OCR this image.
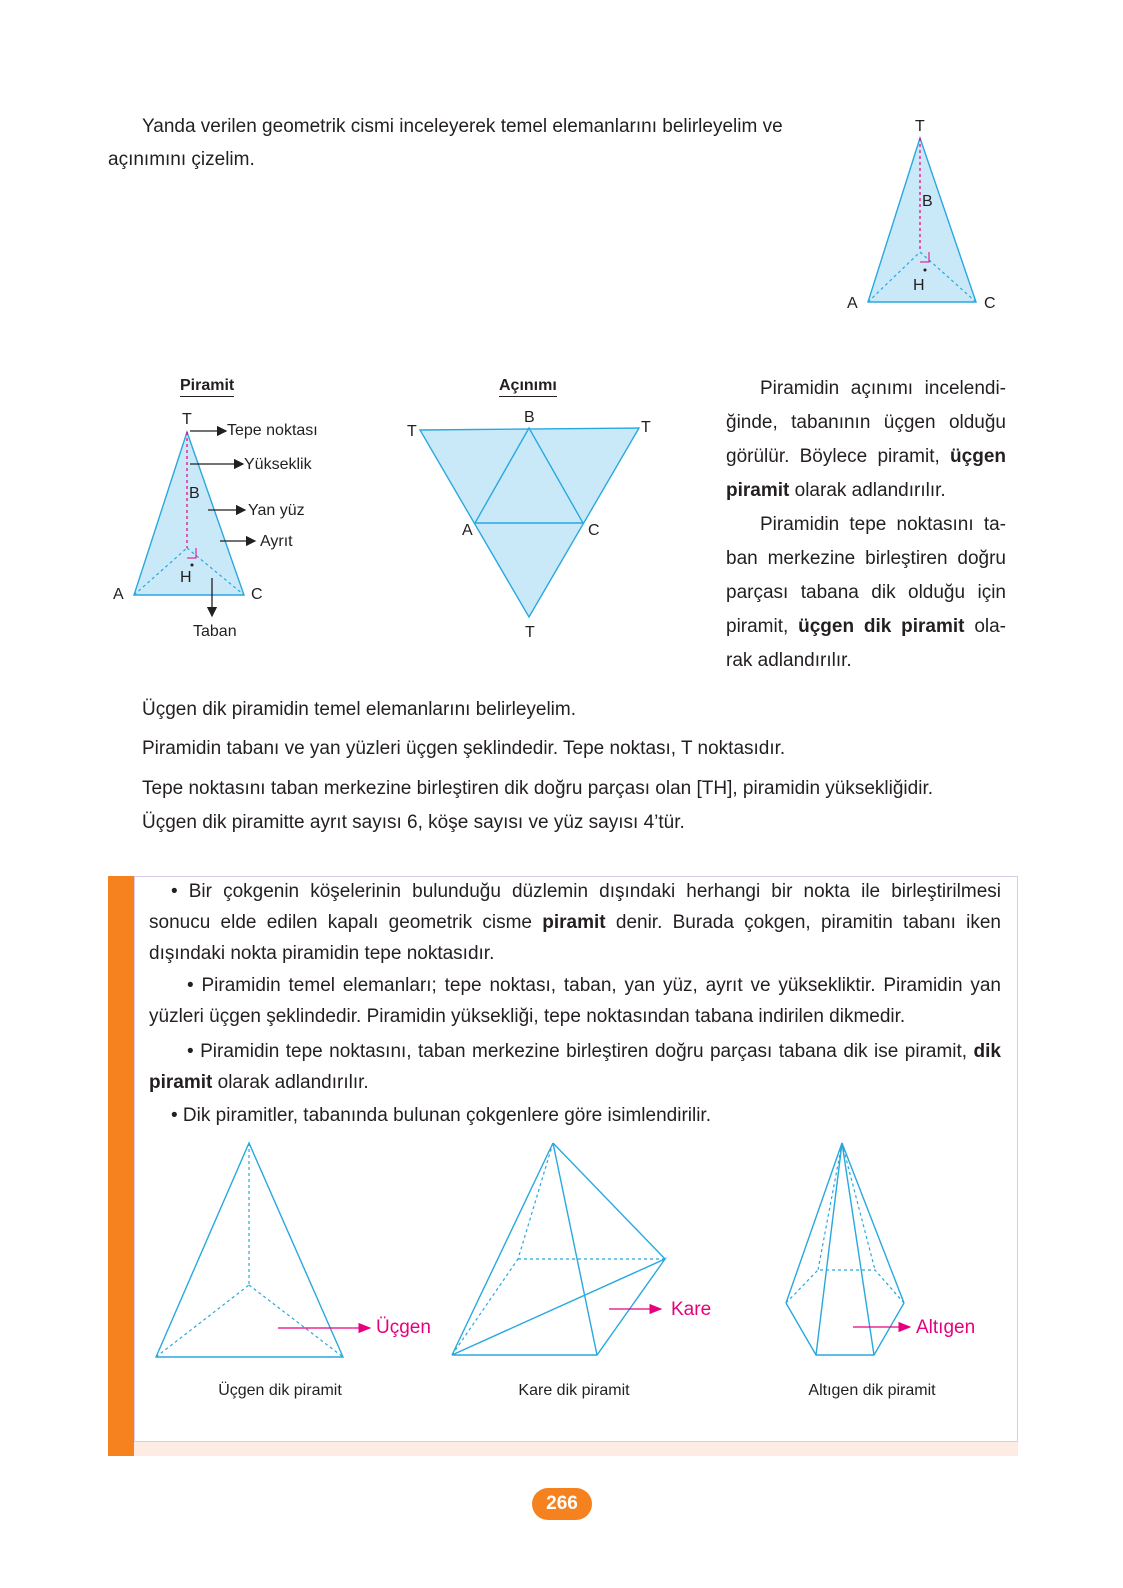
Yanda verilen geometrik cismi inceleyerek temel elemanlarını belirleyelim ve
açınımını çizelim.
T
B
H
A	C
Piramit
T
B
H
A	C
Tepe noktası
Yükseklik
Yan yüz
Ayrıt
Taban
Açınımı
B
T	T
A	C
T
Piramidin açınımı incelendi-
ğinde, tabanının üçgen olduğu
görülür. Böylece piramit, üçgen
piramit olarak adlandırılır.
Piramidin tepe noktasını ta-
ban merkezine birleştiren doğru
parçası tabana dik olduğu için
piramit, üçgen dik piramit ola-
rak adlandırılır.
Üçgen dik piramidin temel elemanlarını belirleyelim.
Piramidin tabanı ve yan yüzleri üçgen şeklindedir. Tepe noktası, T noktasıdır.
Tepe noktasını taban merkezine birleştiren dik doğru parçası olan [TH], piramidin yüksekliğidir.
Üçgen dik piramitte ayrıt sayısı 6, köşe sayısı ve yüz sayısı 4’tür.
• Bir çokgenin köşelerinin bulunduğu düzlemin dışındaki herhangi bir nokta ile birleştirilmesi sonucu elde edilen kapalı geometrik cisme piramit denir. Burada çokgen, piramitin tabanı iken dışındaki nokta piramidin tepe noktasıdır.
• Piramidin temel elemanları; tepe noktası, taban, yan yüz, ayrıt ve yüksekliktir. Piramidin yan yüzleri üçgen şeklindedir. Piramidin yüksekliği, tepe noktasından tabana indirilen dikmedir.
• Piramidin tepe noktasını, taban merkezine birleştiren doğru parçası tabana dik ise piramit, dik piramit olarak adlandırılır.
• Dik piramitler, tabanında bulunan çokgenlere göre isimlendirilir.
Üçgen
Üçgen dik piramit
Kare
Kare dik piramit
Altıgen
Altıgen dik piramit
266
